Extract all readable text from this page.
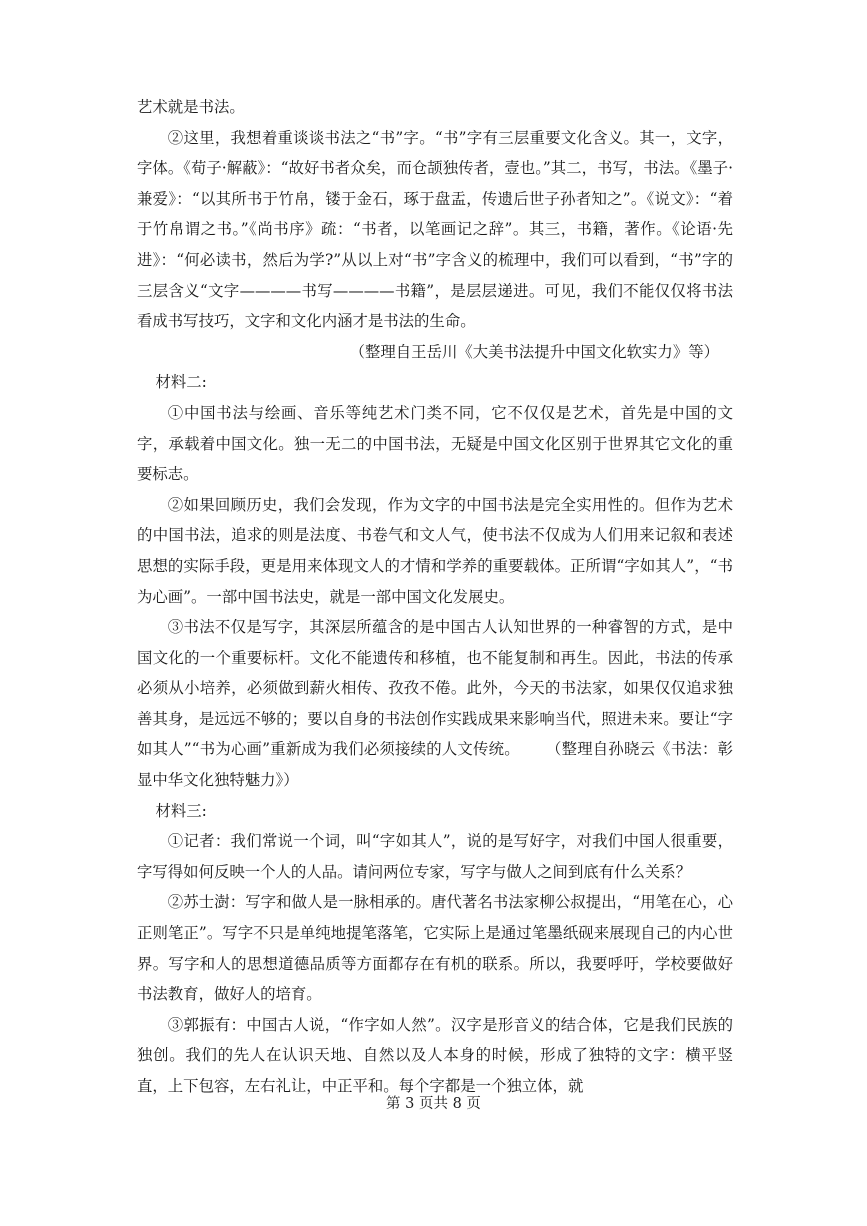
艺术就是书法。

②这里，我想着重谈谈书法之“书”字。“书”字有三层重要文化含义。其一，文字，字体。《荀子·解蔽》：“故好书者众矣，而仓颉独传者，壹也。”其二，书写，书法。《墨子·兼爱》：“以其所书于竹帛，镂于金石，琢于盘盂，传遗后世子孙者知之”。《说文》：“着于竹帛谓之书。”《尚书序》疏：“书者，以笔画记之辞”。其三，书籍，著作。《论语·先进》：“何必读书，然后为学?”从以上对“书”字含义的梳理中，我们可以看到，“书”字的三层含义“文字————书写————书籍”，是层层递进。可见，我们不能仅仅将书法看成书写技巧，文字和文化内涵才是书法的生命。

（整理自王岳川《大美书法提升中国文化软实力》等）

材料二:

①中国书法与绘画、音乐等纯艺术门类不同，它不仅仅是艺术，首先是中国的文字，承载着中国文化。独一无二的中国书法，无疑是中国文化区别于世界其它文化的重要标志。

②如果回顾历史，我们会发现，作为文字的中国书法是完全实用性的。但作为艺术的中国书法，追求的则是法度、书卷气和文人气，使书法不仅成为人们用来记叙和表述思想的实际手段，更是用来体现文人的才情和学养的重要载体。正所谓“字如其人”，“书为心画”。一部中国书法史，就是一部中国文化发展史。

③书法不仅是写字，其深层所蕴含的是中国古人认知世界的一种睿智的方式，是中国文化的一个重要标杆。文化不能遗传和移植，也不能复制和再生。因此，书法的传承必须从小培养，必须做到薪火相传、孜孜不倦。此外，今天的书法家，如果仅仅追求独善其身，是远远不够的；要以自身的书法创作实践成果来影响当代，照进未来。要让“字如其人”“书为心画”重新成为我们必须接续的人文传统。 （整理自孙晓云《书法：彰显中华文化独特魅力》）

材料三:

①记者：我们常说一个词，叫“字如其人”，说的是写好字，对我们中国人很重要，字写得如何反映一个人的人品。请问两位专家，写字与做人之间到底有什么关系？

②苏士澍：写字和做人是一脉相承的。唐代著名书法家柳公叔提出，“用笔在心，心正则笔正”。写字不只是单纯地提笔落笔，它实际上是通过笔墨纸砚来展现自己的内心世界。写字和人的思想道德品质等方面都存在有机的联系。所以，我要呼吁，学校要做好书法教育，做好人的培育。

③郭振有：中国古人说，“作字如人然”。汉字是形音义的结合体，它是我们民族的独创。我们的先人在认识天地、自然以及人本身的时候，形成了独特的文字：横平竖直，上下包容，左右礼让，中正平和。每个字都是一个独立体，就

第 3 页共 8 页
